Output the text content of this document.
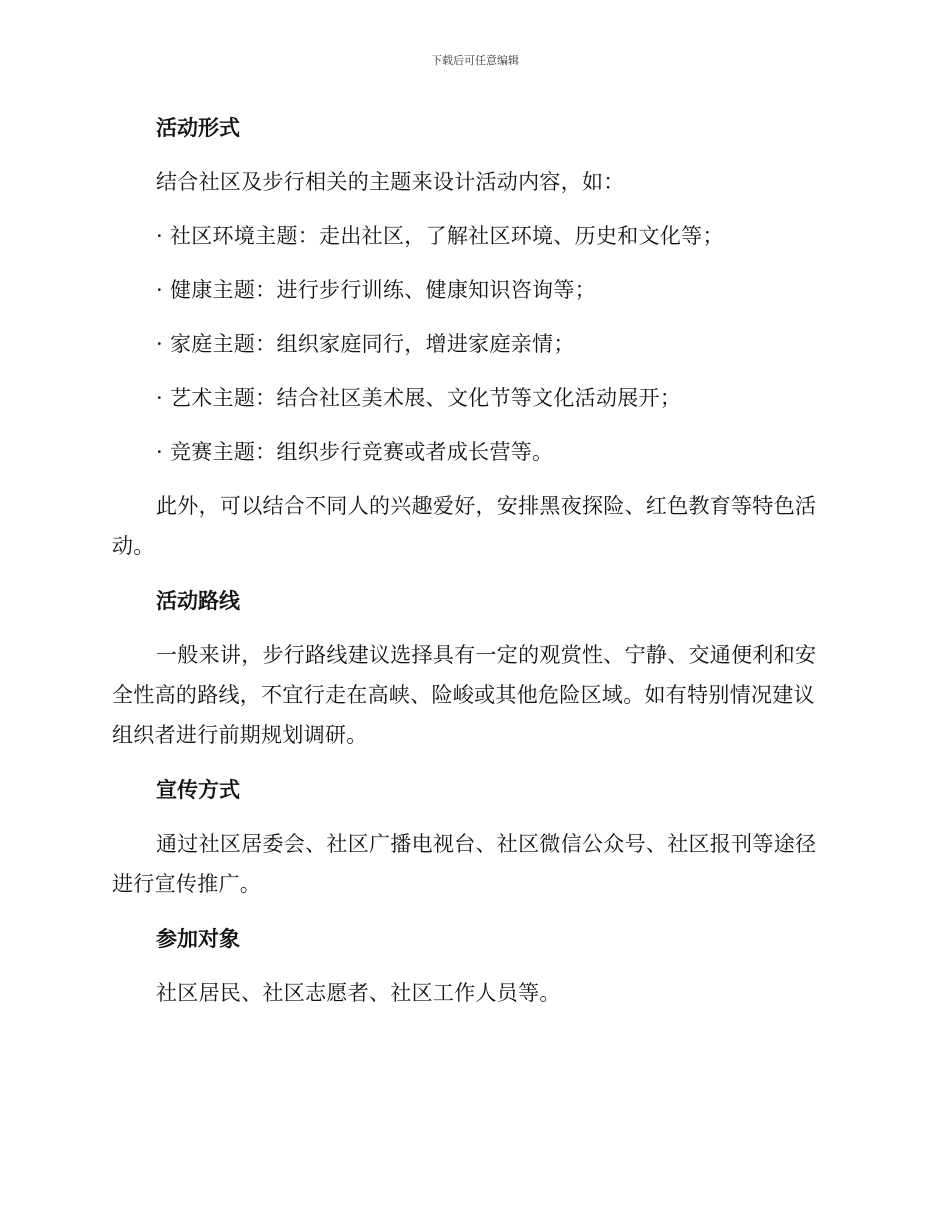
下载后可任意编辑

活动形式

结合社区及步行相关的主题来设计活动内容，如：

· 社区环境主题：走出社区，了解社区环境、历史和文化等；

· 健康主题：进行步行训练、健康知识咨询等；

· 家庭主题：组织家庭同行，增进家庭亲情；

· 艺术主题：结合社区美术展、文化节等文化活动展开；

· 竞赛主题：组织步行竞赛或者成长营等。

此外，可以结合不同人的兴趣爱好，安排黑夜探险、红色教育等特色活动。

活动路线

一般来讲，步行路线建议选择具有一定的观赏性、宁静、交通便利和安全性高的路线，不宜行走在高峡、险峻或其他危险区域。如有特别情况建议组织者进行前期规划调研。

宣传方式

通过社区居委会、社区广播电视台、社区微信公众号、社区报刊等途径进行宣传推广。

参加对象

社区居民、社区志愿者、社区工作人员等。
